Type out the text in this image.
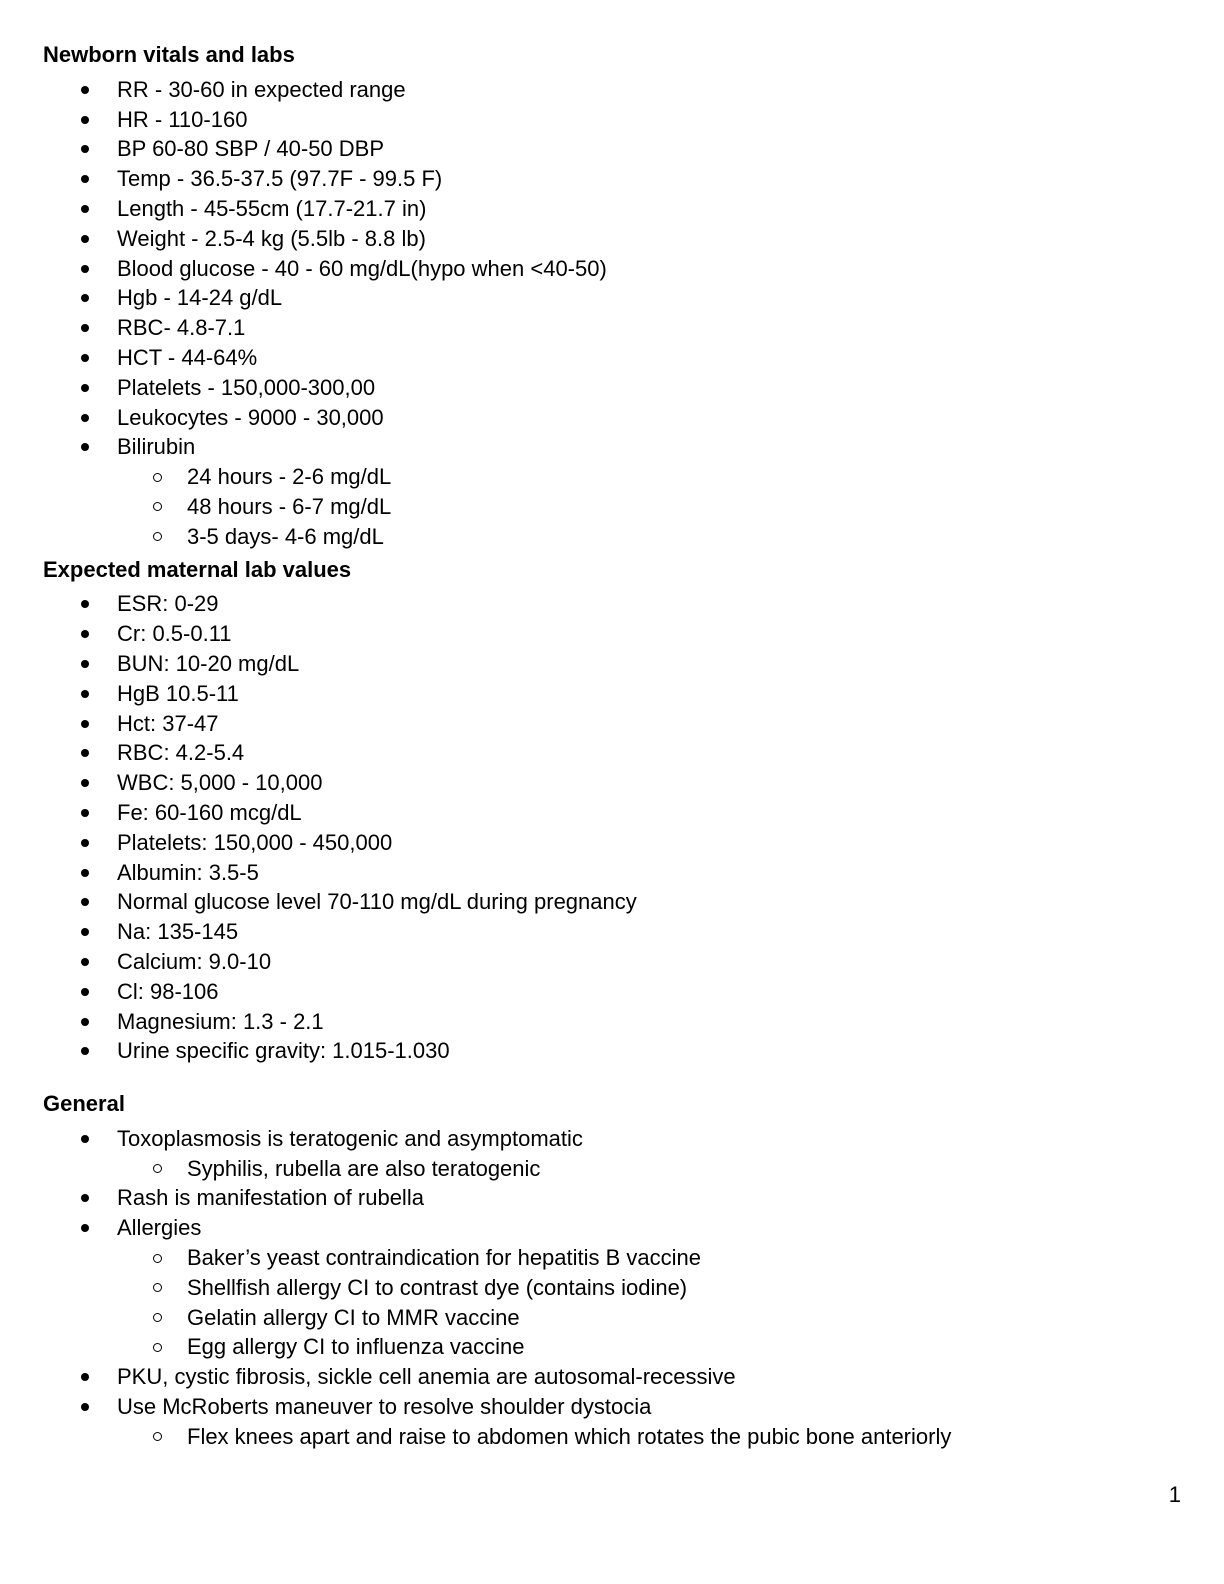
Newborn vitals and labs
RR - 30-60 in expected range
HR - 110-160
BP 60-80 SBP / 40-50 DBP
Temp - 36.5-37.5 (97.7F - 99.5 F)
Length - 45-55cm (17.7-21.7 in)
Weight - 2.5-4 kg (5.5lb - 8.8 lb)
Blood glucose - 40 - 60 mg/dL(hypo when <40-50)
Hgb - 14-24 g/dL
RBC- 4.8-7.1
HCT - 44-64%
Platelets - 150,000-300,00
Leukocytes - 9000 - 30,000
Bilirubin
24 hours - 2-6 mg/dL
48 hours - 6-7 mg/dL
3-5 days- 4-6 mg/dL
Expected maternal lab values
ESR: 0-29
Cr: 0.5-0.11
BUN: 10-20 mg/dL
HgB 10.5-11
Hct: 37-47
RBC: 4.2-5.4
WBC: 5,000 - 10,000
Fe: 60-160 mcg/dL
Platelets: 150,000 - 450,000
Albumin: 3.5-5
Normal glucose level 70-110 mg/dL during pregnancy
Na: 135-145
Calcium: 9.0-10
Cl: 98-106
Magnesium: 1.3 - 2.1
Urine specific gravity: 1.015-1.030
General
Toxoplasmosis is teratogenic and asymptomatic
Syphilis, rubella are also teratogenic
Rash is manifestation of rubella
Allergies
Baker’s yeast contraindication for hepatitis B vaccine
Shellfish allergy CI to contrast dye (contains iodine)
Gelatin allergy CI to MMR vaccine
Egg allergy CI to influenza vaccine
PKU, cystic fibrosis, sickle cell anemia are autosomal-recessive
Use McRoberts maneuver to resolve shoulder dystocia
Flex knees apart and raise to abdomen which rotates the pubic bone anteriorly
1
